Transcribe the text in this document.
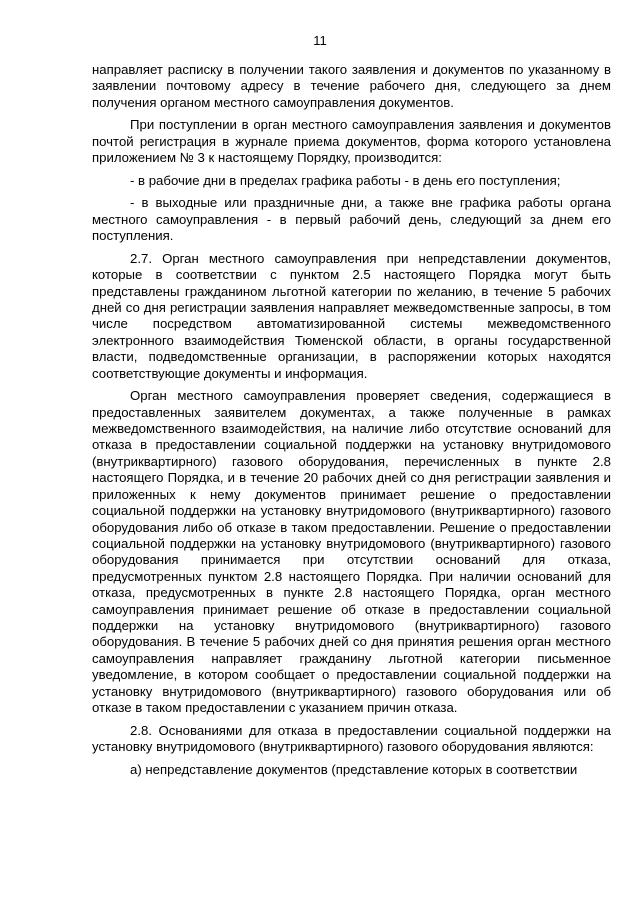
11

направляет расписку в получении такого заявления и документов по указанному в заявлении почтовому адресу в течение рабочего дня, следующего за днем получения органом местного самоуправления документов.

При поступлении в орган местного самоуправления заявления и документов почтой регистрация в журнале приема документов, форма которого установлена приложением № 3 к настоящему Порядку, производится:

- в рабочие дни в пределах графика работы - в день его поступления;

- в выходные или праздничные дни, а также вне графика работы органа местного самоуправления - в первый рабочий день, следующий за днем его поступления.

2.7. Орган местного самоуправления при непредставлении документов, которые в соответствии с пунктом 2.5 настоящего Порядка могут быть представлены гражданином льготной категории по желанию, в течение 5 рабочих дней со дня регистрации заявления направляет межведомственные запросы, в том числе посредством автоматизированной системы межведомственного электронного взаимодействия Тюменской области, в органы государственной власти, подведомственные организации, в распоряжении которых находятся соответствующие документы и информация.

Орган местного самоуправления проверяет сведения, содержащиеся в предоставленных заявителем документах, а также полученные в рамках межведомственного взаимодействия, на наличие либо отсутствие оснований для отказа в предоставлении социальной поддержки на установку внутридомового (внутриквартирного) газового оборудования, перечисленных в пункте 2.8 настоящего Порядка, и в течение 20 рабочих дней со дня регистрации заявления и приложенных к нему документов принимает решение о предоставлении социальной поддержки на установку внутридомового (внутриквартирного) газового оборудования либо об отказе в таком предоставлении. Решение о предоставлении социальной поддержки на установку внутридомового (внутриквартирного) газового оборудования принимается при отсутствии оснований для отказа, предусмотренных пунктом 2.8 настоящего Порядка. При наличии оснований для отказа, предусмотренных в пункте 2.8 настоящего Порядка, орган местного самоуправления принимает решение об отказе в предоставлении социальной поддержки на установку внутридомового (внутриквартирного) газового оборудования. В течение 5 рабочих дней со дня принятия решения орган местного самоуправления направляет гражданину льготной категории письменное уведомление, в котором сообщает о предоставлении социальной поддержки на установку внутридомового (внутриквартирного) газового оборудования или об отказе в таком предоставлении с указанием причин отказа.

2.8. Основаниями для отказа в предоставлении социальной поддержки на установку внутридомового (внутриквартирного) газового оборудования являются:

а) непредставление документов (представление которых в соответствии
